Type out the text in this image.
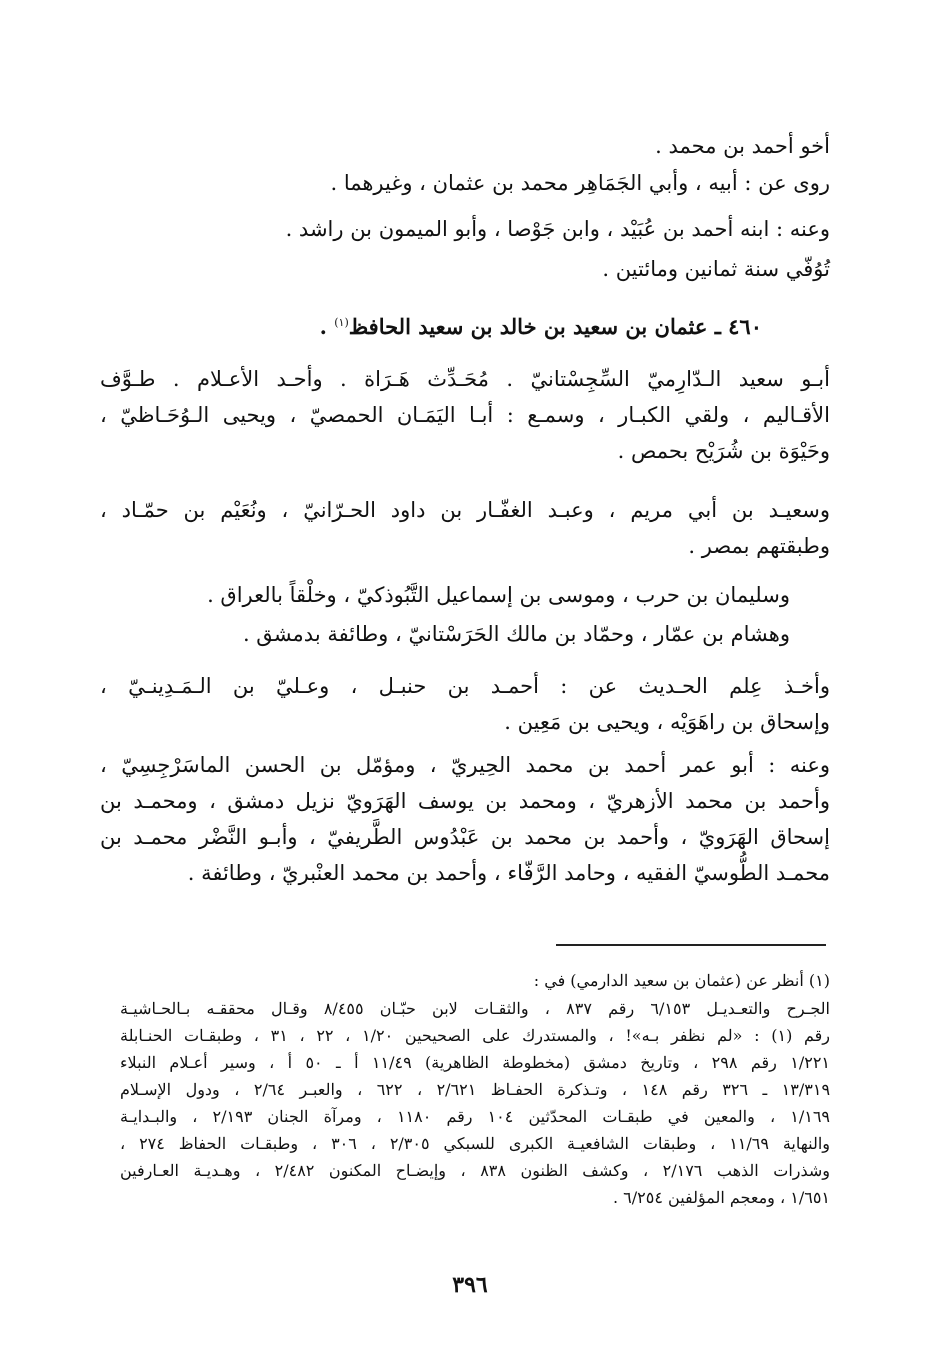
أخو أحمد بن محمد .
روى عن : أبيه ، وأبي الجَمَاهِر محمد بن عثمان ، وغيرهما .
وعنه : ابنه أحمد بن عُبَيْد ، وابن جَوْصا ، وأبو الميمون بن راشد .
تُوُفّي سنة ثمانين ومائتين .
٤٦٠ ـ عثمان بن سعيد بن خالد بن سعيد الحافظ$^{(١)}$ .
أبـو سعيد الـدّارِميّ السِّجِسْتانيّ . مُحَـدِّث هَـرَاة . وأحـد الأعـلام . طـوَّف
الأقـاليم ، ولقي الكبـار ، وسمـع : أبـا اليَمَـان الحمصيّ ، ويحيى الـوُحَـاظيّ ،
وحَيْوَة بن شُرَيْح بحمص .
وسعيـد بن أبي مريم ، وعبـد الغفّـار بن داود الحـرّانيّ ، ونُعَيْم بن حمّـاد ،
وطبقتهم بمصر .
وسليمان بن حرب ، وموسى بن إسماعيل التَّبُوذكيّ ، وخلْقاً بالعراق .
وهشام بن عمّار ، وحمّاد بن مالك الحَرَسْتانيّ ، وطائفة بدمشق .
وأخـذ عِلم الحـديث عن : أحمـد بن حنبـل ، وعـليّ بن الـمَـدِينـيّ ،
وإسحاق بن راهَوَيْه ، ويحيى بن مَعِين .
وعنه : أبو عمر أحمد بن محمد الحِيريّ ، ومؤمّل بن الحسن الماسَرْجِسِيّ ،
وأحمد بن محمد الأزهريّ ، ومحمد بن يوسف الهَرَويّ نزيل دمشق ، ومحمـد بن
إسحاق الهَرَويّ ، وأحمد بن محمد بن عَبْدُوس الطَّريفيّ ، وأبـو النَّضْر محمـد بن
محمـد الطُّوسيّ الفقيه ، وحامد الرَّفّاء ، وأحمد بن محمد العنْبريّ ، وطائفة .
(١) أنظر عن (عثمان بن سعيد الدارمي) في :
الجـرح والتعـديـل ٦/١٥٣ رقم ٨٣٧ ، والثقـات لابن حبّـان ٨/٤٥٥ وقـال محققـه بـالحـاشيـة
رقم (١) : «لم نظفر بـه»! ، والمستدرك على الصحيحين ١/٢٠ ، ٢٢ ، ٣١ ، وطبقـات الحنـابلة
١/٢٢١ رقم ٢٩٨ ، وتاريخ دمشق (مخطوطة الظاهرية) ١١/٤٩ أ ـ ٥٠ أ ، وسير أعـلام النبلاء
١٣/٣١٩ ـ ٣٢٦ رقم ١٤٨ ، وتـذكرة الحفـاظ ٢/٦٢١ ، ٦٢٢ ، والعبـر ٢/٦٤ ، ودول الإسـلام
١/١٦٩ ، والمعين في طبقـات المحدّثين ١٠٤ رقم ١١٨٠ ، ومرآة الجنان ٢/١٩٣ ، والبـدايـة
والنهاية ١١/٦٩ ، وطبقات الشافعيـة الكبرى للسبكي ٢/٣٠٥ ، ٣٠٦ ، وطبقـات الحفاظ ٢٧٤ ،
وشذرات الذهب ٢/١٧٦ ، وكشف الظنون ٨٣٨ ، وإيضـاح المكنون ٢/٤٨٢ ، وهـديـة العـارفين
١/٦٥١ ، ومعجم المؤلفين ٦/٢٥٤ .
٣٩٦
